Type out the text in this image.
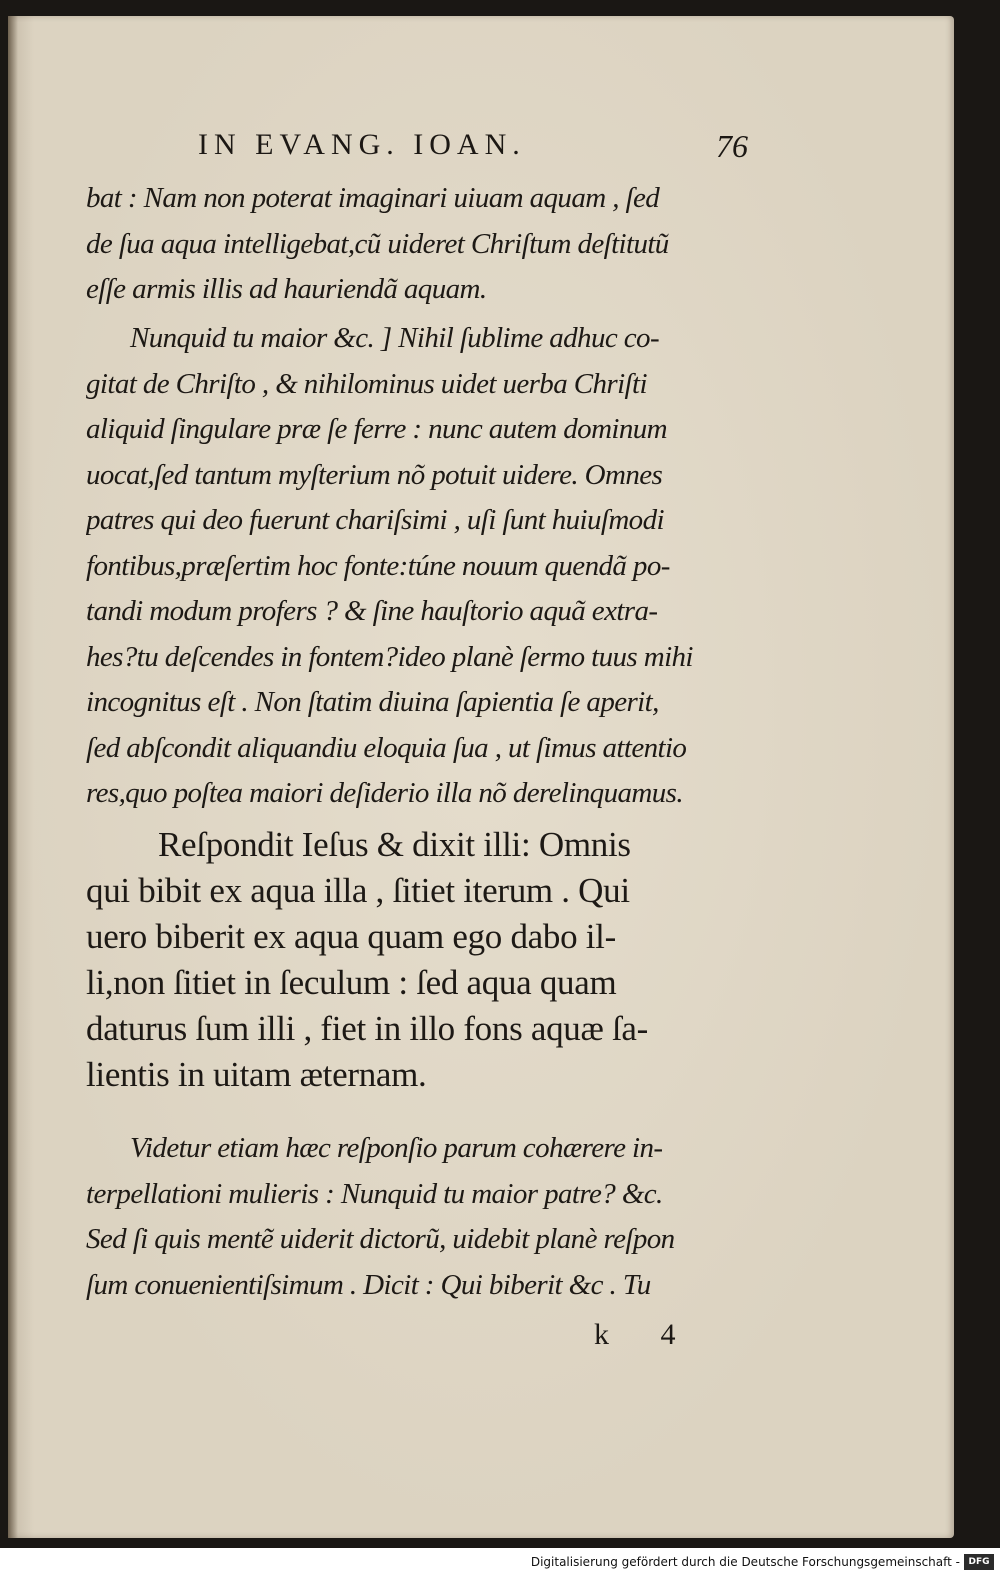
IN EVANG. IOAN.	76
bat : Nam non poterat imaginari uiuam aquam , ſed
de ſua aqua intelligebat,cũ uideret Chriſtum deſtitutũ
eſſe armis illis ad hauriendã aquam.
Nunquid tu maior &c. ] Nihil ſublime adhuc co-
gitat de Chriſto , & nihilominus uidet uerba Chriſti
aliquid ſingulare præ ſe ferre : nunc autem dominum
uocat,ſed tantum myſterium nõ potuit uidere. Omnes
patres qui deo fuerunt chariſsimi , uſi ſunt huiuſmodi
fontibus,præſertim hoc fonte:túne nouum quendã po-
tandi modum profers ? & ſine hauſtorio aquã extra-
hes?tu deſcendes in fontem?ideo planè ſermo tuus mihi
incognitus eſt . Non ſtatim diuina ſapientia ſe aperit,
ſed abſcondit aliquandiu eloquia ſua , ut ſimus attentio
res,quo poſtea maiori deſiderio illa nõ derelinquamus.
Reſpondit Ieſus & dixit illi: Omnis
qui bibit ex aqua illa , ſitiet iterum . Qui
uero biberit ex aqua quam ego dabo il-
li,non ſitiet in ſeculum : ſed aqua quam
daturus ſum illi , fiet in illo fons aquæ ſa-
lientis in uitam æternam.
Videtur etiam hæc reſponſio parum cohærere in-
terpellationi mulieris : Nunquid tu maior patre? &c.
Sed ſi quis mentẽ uiderit dictorũ, uidebit planè reſpon
ſum conuenientiſsimum . Dicit : Qui biberit &c . Tu
k 4
Digitalisierung gefördert durch die Deutsche Forschungsgemeinschaft - DFG
